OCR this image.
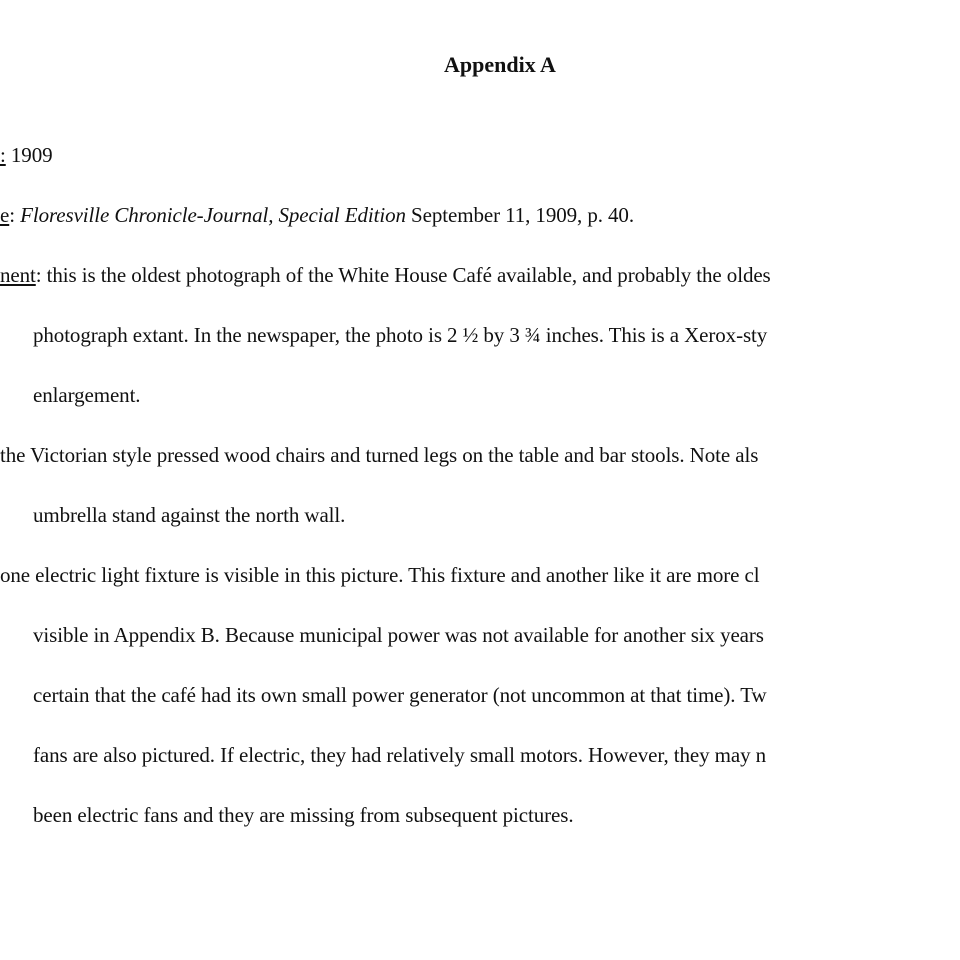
Appendix A
: 1909
e: Floresville Chronicle-Journal, Special Edition September 11, 1909, p. 40.
nent: this is the oldest photograph of the White House Café available, and probably the oldes
photograph extant. In the newspaper, the photo is 2 ½ by 3 ¾ inches. This is a Xerox-sty
enlargement.
the Victorian style pressed wood chairs and turned legs on the table and bar stools. Note als
umbrella stand against the north wall.
one electric light fixture is visible in this picture. This fixture and another like it are more cl
visible in Appendix B. Because municipal power was not available for another six years
certain that the café had its own small power generator (not uncommon at that time). Tw
fans are also pictured. If electric, they had relatively small motors. However, they may n
been electric fans and they are missing from subsequent pictures.
